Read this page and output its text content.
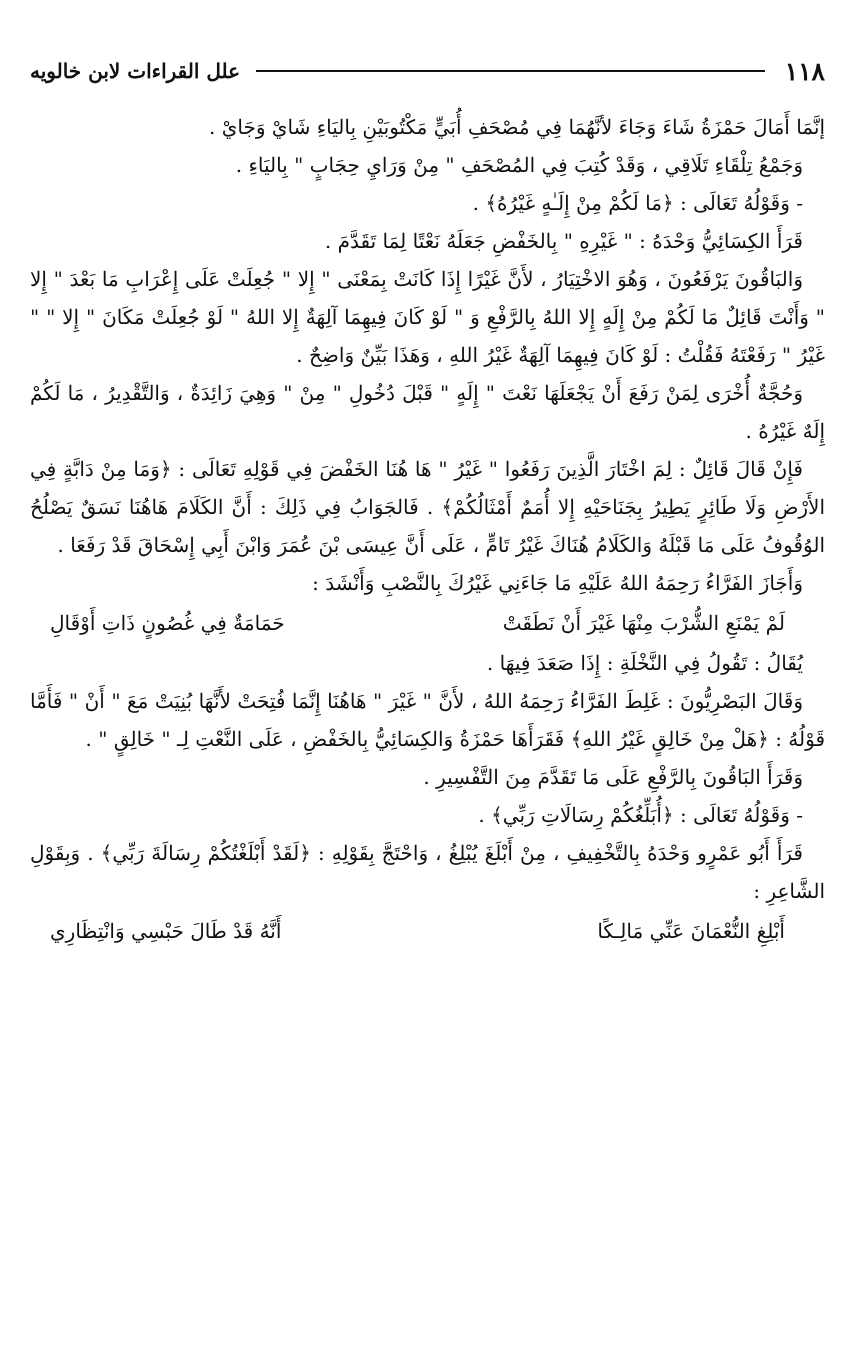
١١٨
علل القراءات لابن خالويه

إنَّمَا أَمَالَ حَمْزَةُ شَاءَ وَجَاءَ لأنَّهُمَا فِي مُصْحَفِ أُبَيٍّ مَكْتُوبَيْنِ بِاليَاءِ شَايْ وَجَايْ .

وَجَمْعُ تِلْقَاءِ تَلَاقِي ، وَقَدْ كُتِبَ فِي المُصْحَفِ " مِنْ وَرَايِ حِجَابٍ " بِاليَاءِ .

- وَقَوْلُهُ تَعَالَى : ﴿مَا لَكُمْ مِنْ إِلَـٰهٍ غَيْرُهُ﴾ .

قَرَأَ الكِسَائِيُّ وَحْدَهُ : " غَيْرِهِ " بِالخَفْضِ جَعَلَهُ نَعْتًا لِمَا تَقَدَّمَ .

وَالبَاقُونَ يَرْفَعُونَ ، وَهُوَ الاخْتِيَارُ ، لأَنَّ غَيْرًا إِذَا كَانَتْ بِمَعْنَى " إِلا " جُعِلَتْ عَلَى إِعْرَابِ مَا بَعْدَ " إِلا " وَأَنْتَ قَائِلٌ مَا لَكُمْ مِنْ إِلَهٍ إِلا اللهُ بِالرَّفْعِ وَ " لَوْ كَانَ فِيهِمَا آلِهَةٌ إِلا اللهُ " لَوْ جُعِلَتْ مَكَانَ " إِلا " " غَيْرُ " رَفَعْتَهُ فَقُلْتُ : لَوْ كَانَ فِيهِمَا آلِهَةٌ غَيْرُ اللهِ ، وَهَذَا بَيِّنٌ وَاضِحٌ .

وَحُجَّةٌ أُخْرَى لِمَنْ رَفَعَ أَنْ يَجْعَلَهَا نَعْتَ " إِلَهٍ " قَبْلَ دُخُولِ " مِنْ " وَهِيَ زَائِدَةٌ ، وَالتَّقْدِيرُ ، مَا لَكُمْ إِلَهٌ غَيْرُهُ .

فَإِنْ قَالَ قَائِلٌ : لِمَ اخْتَارَ الَّذِينَ رَفَعُوا " غَيْرُ " هَا هُنَا الخَفْضَ فِي قَوْلِهِ تَعَالَى : ﴿وَمَا مِنْ دَابَّةٍ فِي الأَرْضِ وَلَا طَائِرٍ يَطِيرُ بِجَنَاحَيْهِ إِلا أُمَمٌ أَمْثَالُكُمْ﴾ . فَالجَوَابُ فِي ذَلِكَ : أَنَّ الكَلَامَ هَاهُنَا نَسَقٌ يَصْلُحُ الوُقُوفُ عَلَى مَا قَبْلَهُ وَالكَلَامُ هُنَاكَ غَيْرُ تَامٍّ ، عَلَى أَنَّ عِيسَى بْنَ عُمَرَ وَابْنَ أَبِي إِسْحَاقَ قَدْ رَفَعَا .

وَأَجَازَ الفَرَّاءُ رَحِمَهُ اللهُ عَلَيْهِ مَا جَاءَنِي غَيْرُكَ بِالنَّصْبِ وَأَنْشَدَ :

لَمْ يَمْنَعِ الشُّرْبَ مِنْهَا غَيْرَ أَنْ نَطَقَتْ
حَمَامَةٌ فِي غُصُونٍ ذَاتِ أَوْقَالِ

يُقَالُ : تَقُولُ فِي النَّخْلَةِ : إِذَا صَعَدَ فِيهَا .

وَقَالَ البَصْرِيُّونَ : غَلِطَ الفَرَّاءُ رَحِمَهُ اللهُ ، لأَنَّ " غَيْرَ " هَاهُنَا إِنَّمَا فُتِحَتْ لأَنَّهَا بُنِيَتْ مَعَ " أَنْ " فَأَمَّا قَوْلُهُ : ﴿هَلْ مِنْ خَالِقٍ غَيْرُ اللهِ﴾ فَقَرَأَهَا حَمْزَةُ وَالكِسَائِيُّ بِالخَفْضِ ، عَلَى النَّعْتِ لِـ " خَالِقٍ " .

وَقَرَأَ البَاقُونَ بِالرَّفْعِ عَلَى مَا تَقَدَّمَ مِنَ التَّفْسِيرِ .

- وَقَوْلُهُ تَعَالَى : ﴿أُبَلِّغُكُمْ رِسَالَاتِ رَبِّي﴾ .

قَرَأَ أَبُو عَمْرٍو وَحْدَهُ بِالتَّخْفِيفِ ، مِنْ أَبْلَغَ يُبْلِغُ ، وَاحْتَجَّ بِقَوْلِهِ : ﴿لَقَدْ أَبْلَغْتُكُمْ رِسَالَةَ رَبِّي﴾ . وَبِقَوْلِ الشَّاعِرِ :

أَبْلِغِ النُّعْمَانَ عَنِّي مَالِـكًا
أَنَّهُ قَدْ طَالَ حَبْسِي وَانْتِظَارِي
